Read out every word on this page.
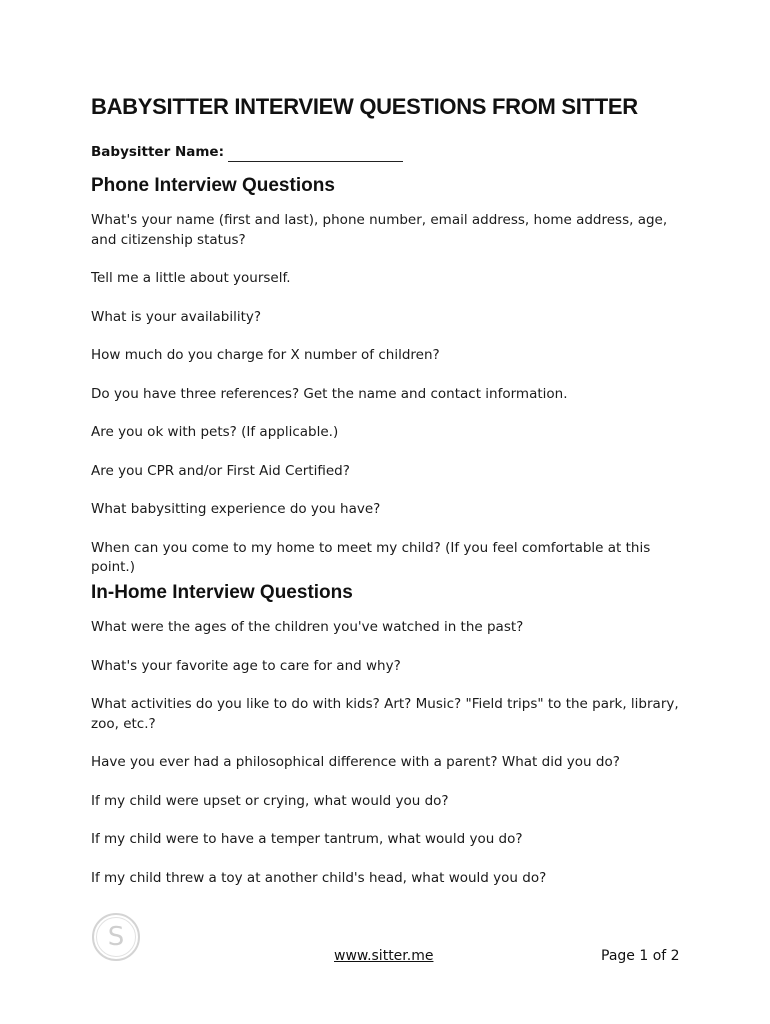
BABYSITTER INTERVIEW QUESTIONS FROM SITTER
Babysitter Name:
Phone Interview Questions

What's your name (first and last), phone number, email address, home address, age, and citizenship status?

Tell me a little about yourself.

What is your availability?

How much do you charge for X number of children?

Do you have three references? Get the name and contact information.

Are you ok with pets? (If applicable.)

Are you CPR and/or First Aid Certified?

What babysitting experience do you have?

When can you come to my home to meet my child? (If you feel comfortable at this point.)

In-Home Interview Questions

What were the ages of the children you've watched in the past?

What's your favorite age to care for and why?

What activities do you like to do with kids? Art? Music? "Field trips" to the park, library, zoo, etc.?

Have you ever had a philosophical difference with a parent? What did you do?

If my child were upset or crying, what would you do?

If my child were to have a temper tantrum, what would you do?

If my child threw a toy at another child's head, what would you do?

S
www.sitter.me	Page 1 of 2
